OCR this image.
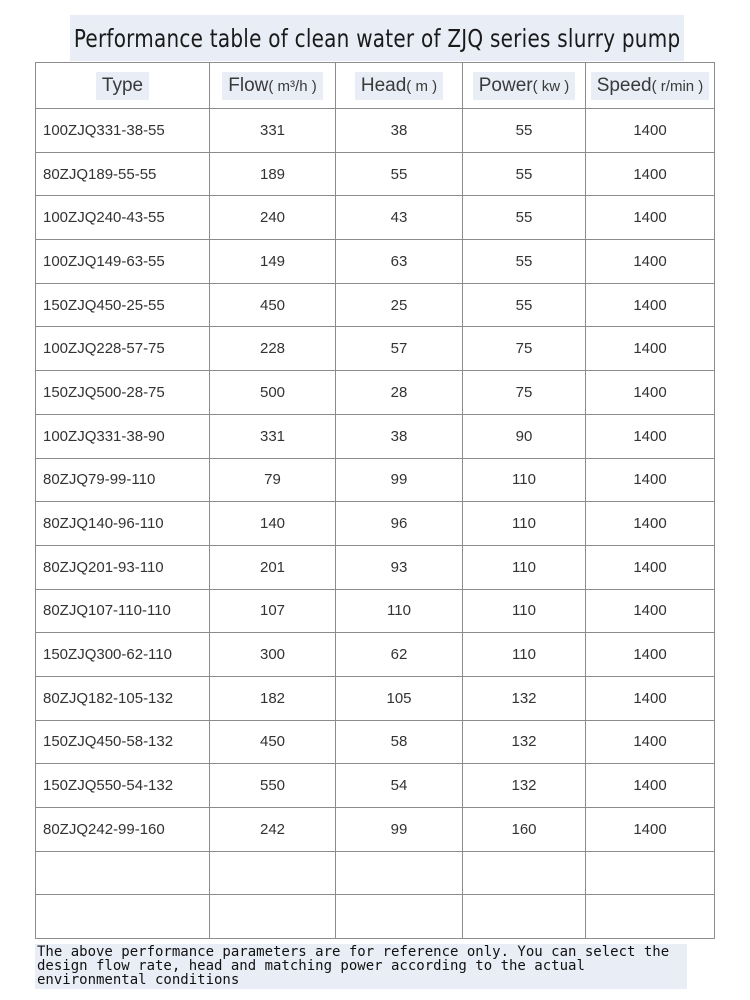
Performance table of clean water of ZJQ series slurry pump
Type	Flow( m³/h )	Head( m )	Power( kw )	Speed( r/min )
100ZJQ331-38-55	331	38	55	1400
80ZJQ189-55-55	189	55	55	1400
100ZJQ240-43-55	240	43	55	1400
100ZJQ149-63-55	149	63	55	1400
150ZJQ450-25-55	450	25	55	1400
100ZJQ228-57-75	228	57	75	1400
150ZJQ500-28-75	500	28	75	1400
100ZJQ331-38-90	331	38	90	1400
80ZJQ79-99-110	79	99	110	1400
80ZJQ140-96-110	140	96	110	1400
80ZJQ201-93-110	201	93	110	1400
80ZJQ107-110-110	107	110	110	1400
150ZJQ300-62-110	300	62	110	1400
80ZJQ182-105-132	182	105	132	1400
150ZJQ450-58-132	450	58	132	1400
150ZJQ550-54-132	550	54	132	1400
80ZJQ242-99-160	242	99	160	1400

The above performance parameters are for reference only. You can select the design flow rate, head and matching power according to the actual environmental conditions
